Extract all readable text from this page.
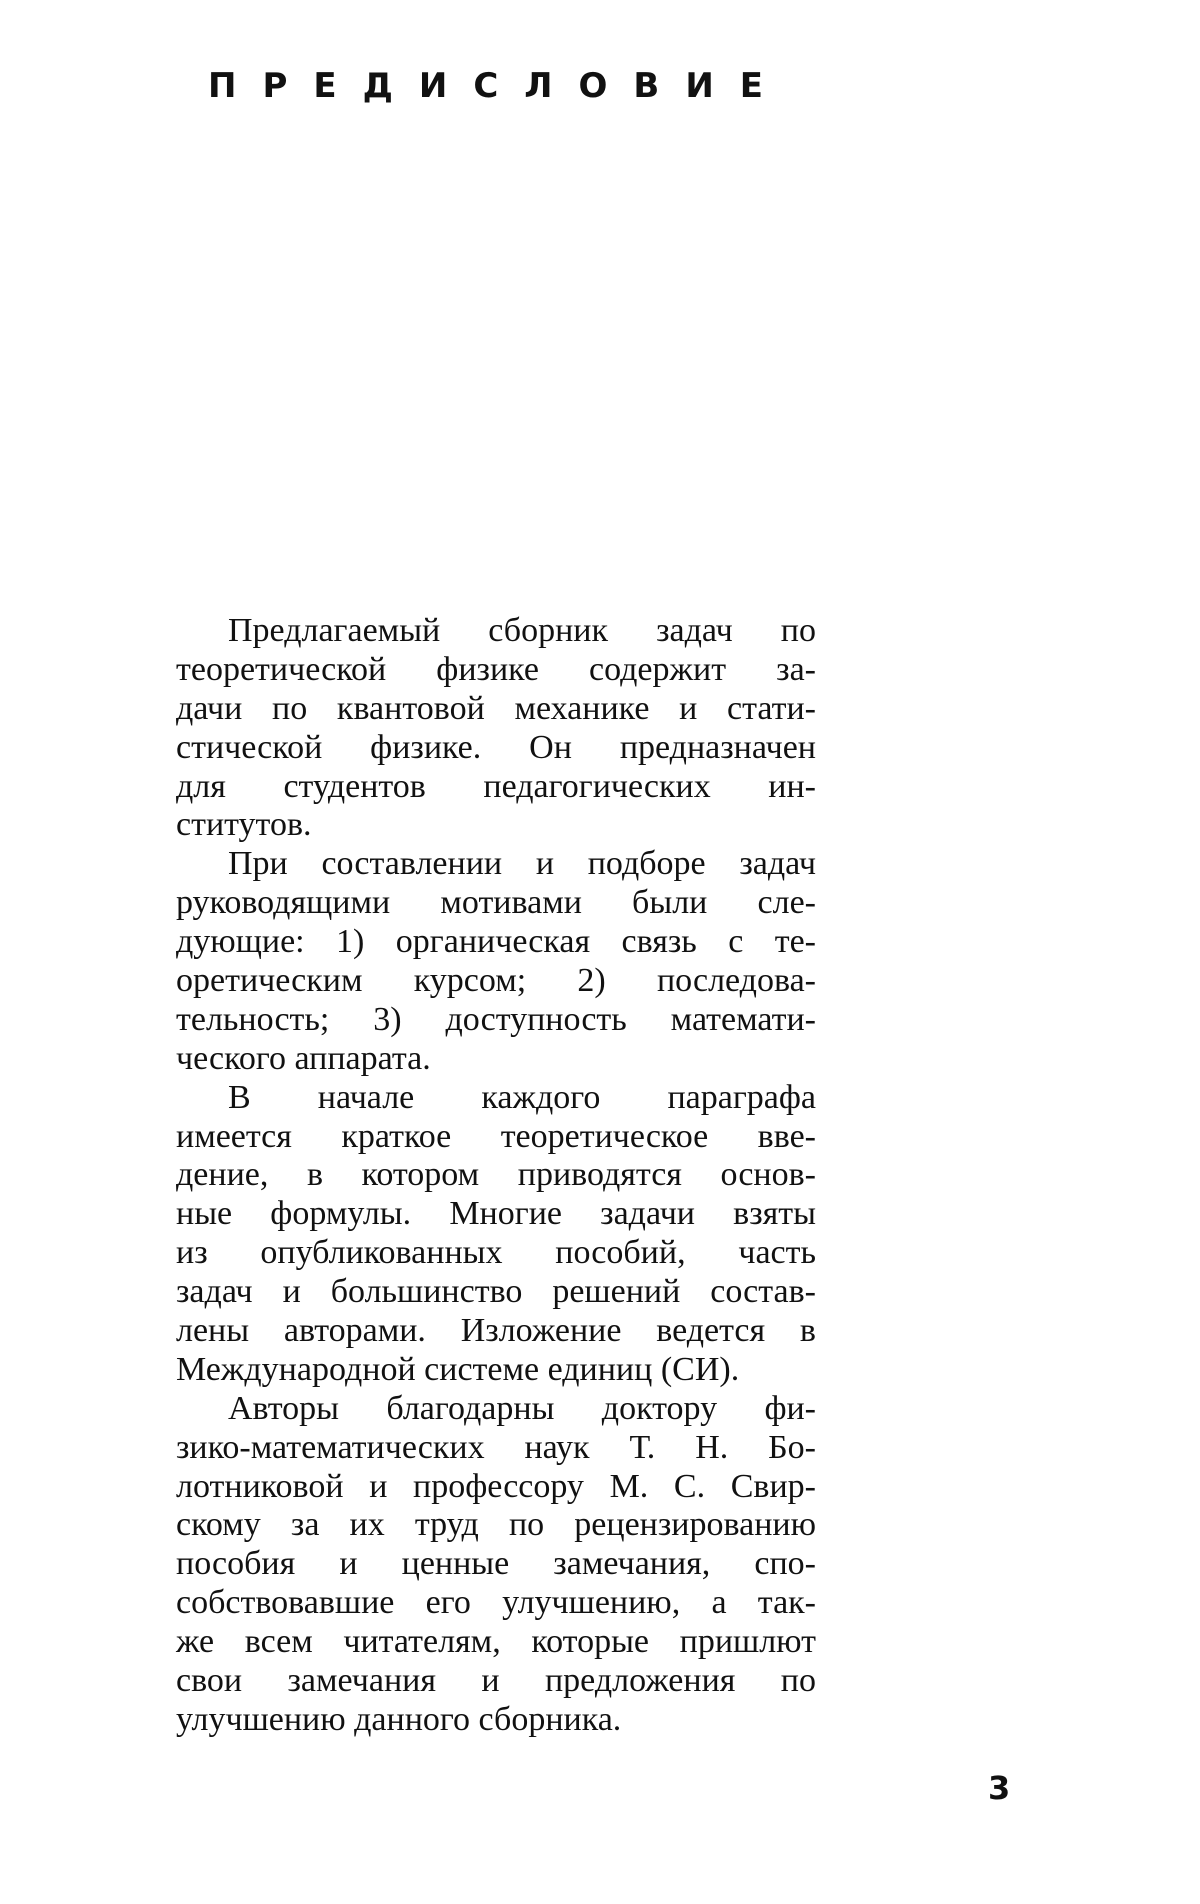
ПРЕДИСЛОВИЕ
Предлагаемый сборник задач по
теоретической физике содержит за-
дачи по квантовой механике и стати-
стической физике. Он предназначен
для студентов педагогических ин-
ститутов.
При составлении и подборе задач
руководящими мотивами были сле-
дующие: 1) органическая связь с те-
оретическим курсом; 2) последова-
тельность; 3) доступность математи-
ческого аппарата.
В начале каждого параграфа
имеется краткое теоретическое вве-
дение, в котором приводятся основ-
ные формулы. Многие задачи взяты
из опубликованных пособий, часть
задач и большинство решений состав-
лены авторами. Изложение ведется в
Международной системе единиц (СИ).
Авторы благодарны доктору фи-
зико-математических наук Т. Н. Бо-
лотниковой и профессору М. С. Свир-
скому за их труд по рецензированию
пособия и ценные замечания, спо-
собствовавшие его улучшению, а так-
же всем читателям, которые пришлют
свои замечания и предложения по
улучшению данного сборника.
3
